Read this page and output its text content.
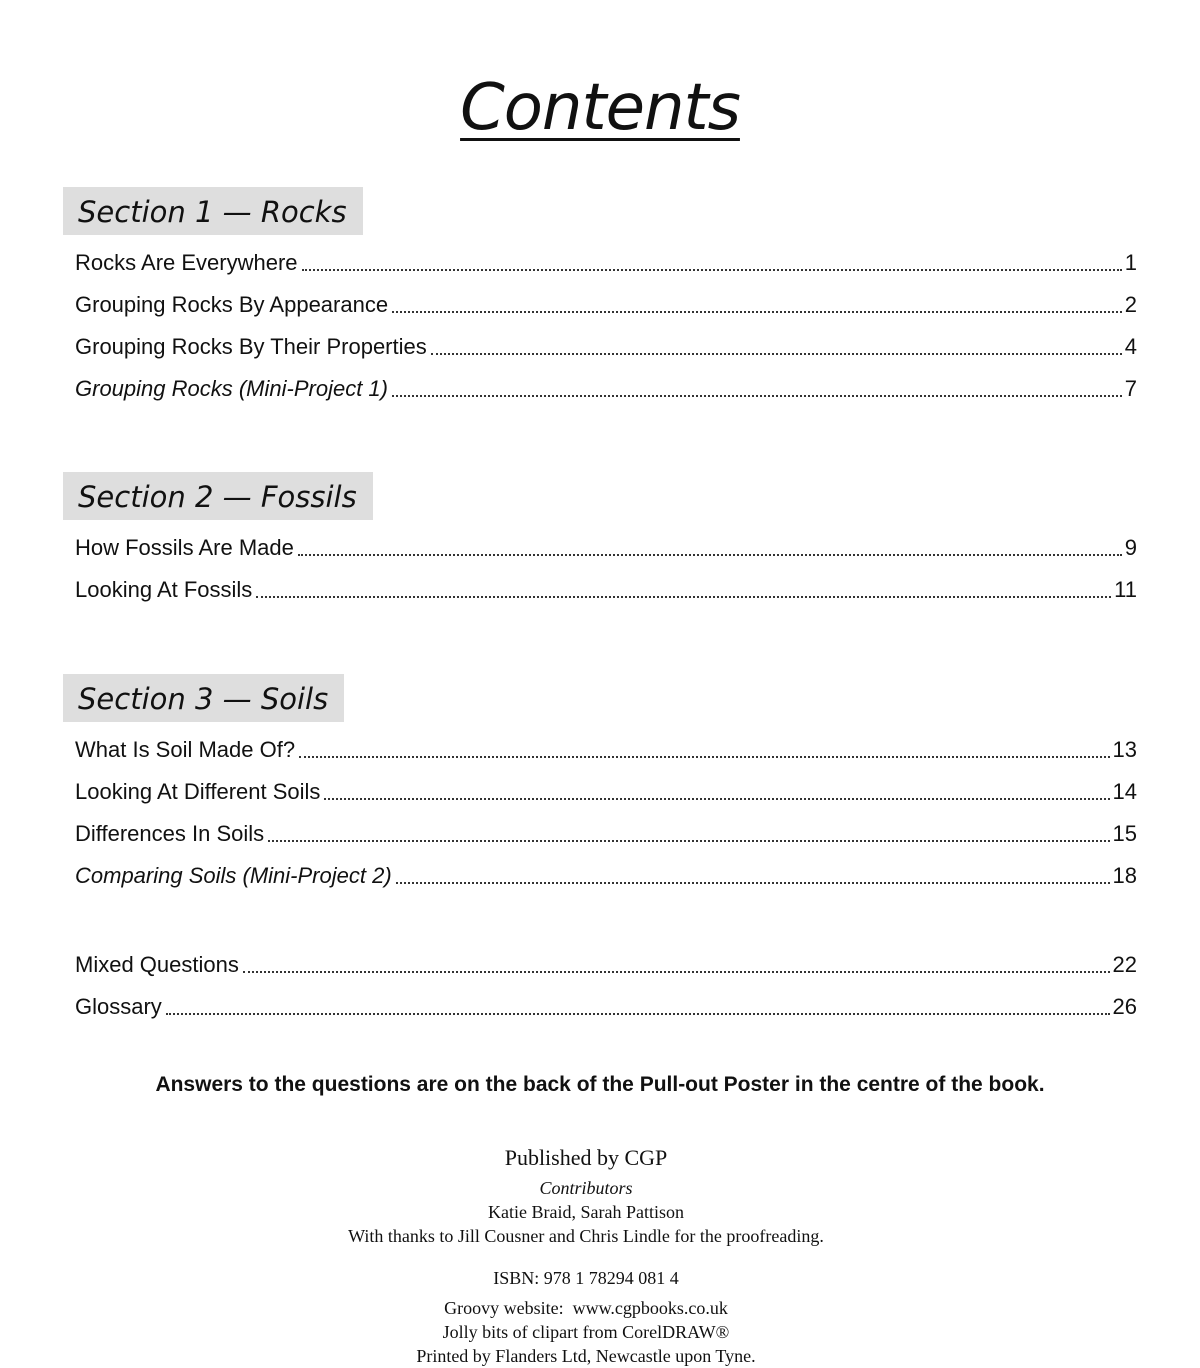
Contents
Section 1 — Rocks
Rocks Are Everywhere	1
Grouping Rocks By Appearance	2
Grouping Rocks By Their Properties	4
Grouping Rocks (Mini-Project 1)	7
Section 2 — Fossils
How Fossils Are Made	9
Looking At Fossils	11
Section 3 — Soils
What Is Soil Made Of?	13
Looking At Different Soils	14
Differences In Soils	15
Comparing Soils (Mini-Project 2)	18
Mixed Questions	22
Glossary	26
Answers to the questions are on the back of the Pull-out Poster in the centre of the book.
Published by CGP
Contributors
Katie Braid, Sarah Pattison
With thanks to Jill Cousner and Chris Lindle for the proofreading.
ISBN: 978 1 78294 081 4
Groovy website:  www.cgpbooks.co.uk
Jolly bits of clipart from CorelDRAW®
Printed by Flanders Ltd, Newcastle upon Tyne.
